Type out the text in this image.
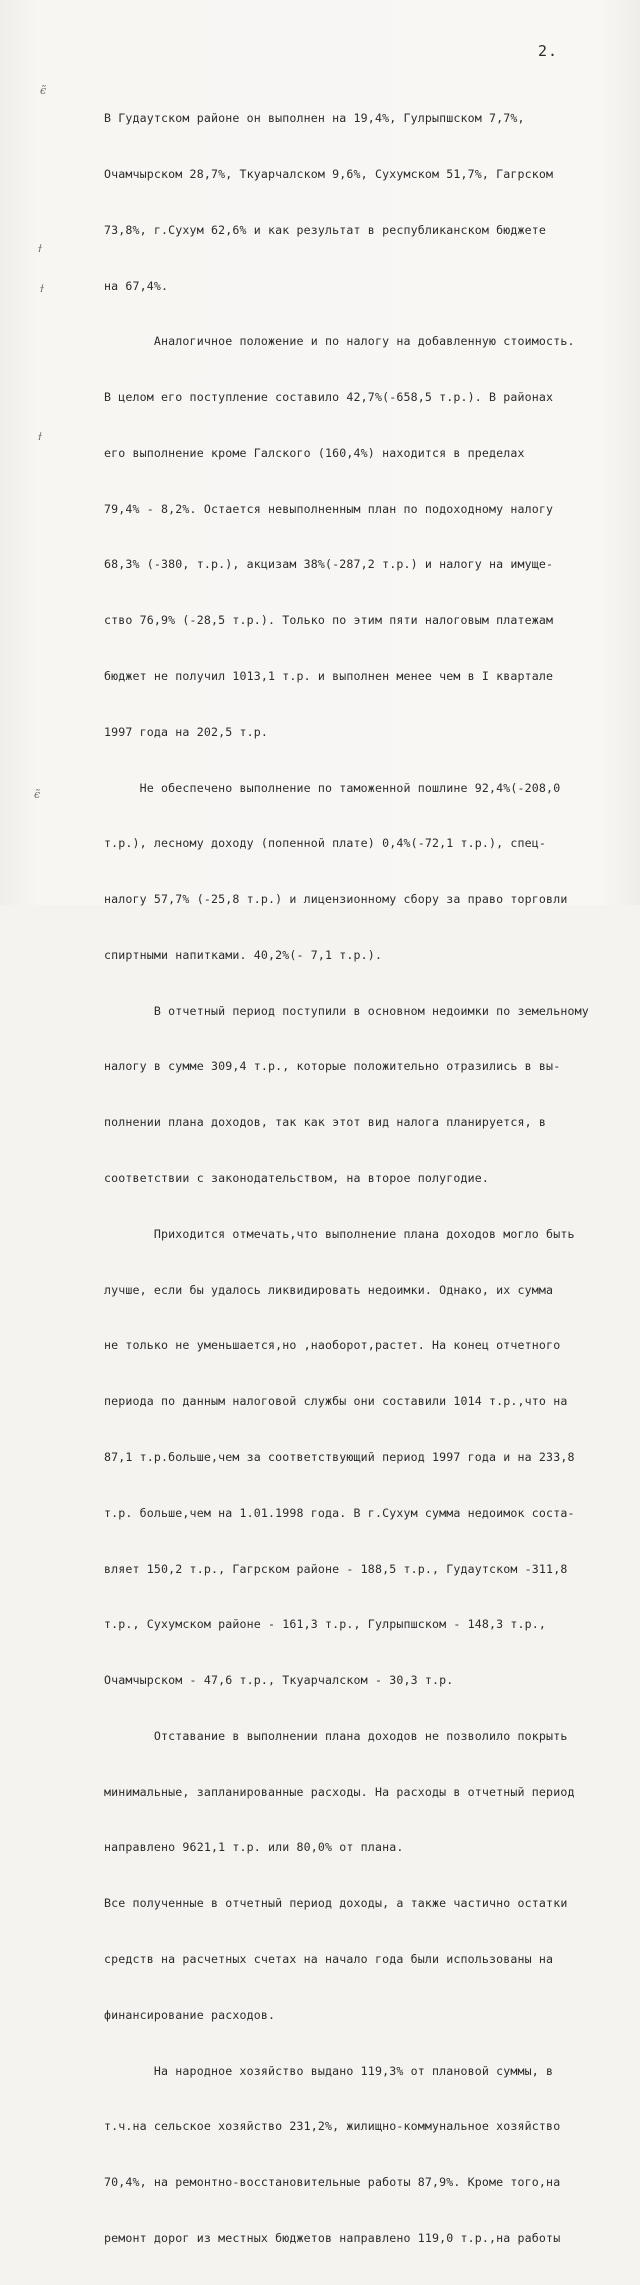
2.
ϵ̃
ϯ
ϯ
ϯ
ϵ̃

В Гудаутском районе он выполнен на 19,4%, Гулрыпшском 7,7%,

Очамчырском 28,7%, Ткуарчалском 9,6%, Сухумском 51,7%, Гагрском

73,8%, г.Сухум 62,6% и как результат в республиканском бюджете

на 67,4%.

Аналогичное положение и по налогу на добавленную стоимость.

В целом его поступление составило 42,7%(-658,5 т.р.). В районах

его выполнение кроме Галского (160,4%) находится в пределах

79,4% - 8,2%. Остается невыполненным план по подоходному налогу

68,3% (-380, т.р.), акцизам 38%(-287,2 т.р.) и налогу на имуще-

ство 76,9% (-28,5 т.р.). Только по этим пяти налоговым платежам

бюджет не получил 1013,1 т.р. и выполнен менее чем в I квартале

1997 года на 202,5 т.р.

Не обеспечено выполнение по таможенной пошлине 92,4%(-208,0

т.р.), лесному доходу (попенной плате) 0,4%(-72,1 т.р.), спец-

налогу 57,7% (-25,8 т.р.) и лицензионному сбору за право торговли

спиртными напитками. 40,2%(- 7,1 т.р.).

В отчетный период поступили в основном недоимки по земельному

налогу в сумме 309,4 т.р., которые положительно отразились в вы-

полнении плана доходов, так как этот вид налога планируется, в

соответствии с законодательством, на второе полугодие.

Приходится отмечать,что выполнение плана доходов могло быть

лучше, если бы удалось ликвидировать недоимки. Однако, их сумма

не только не уменьшается,но ,наоборот,растет. На конец отчетного

периода по данным налоговой службы они составили 1014 т.р.,что на

87,1 т.р.больше,чем за соответствующий период 1997 года и на 233,8

т.р. больше,чем на 1.01.1998 года. В г.Сухум сумма недоимок состa-

вляет 150,2 т.р., Гагрском районе - 188,5 т.р., Гудаутском -311,8

т.р., Сухумском районе - 161,3 т.р., Гулрыпшском - 148,3 т.р.,

Очамчырском - 47,6 т.р., Ткуарчалском - 30,3 т.р.

Отставание в выполнении плана доходов не позволило покрыть

минимальные, запланированные расходы. На расходы в отчетный период

направлено 9621,1 т.р. или 80,0% от плана.

Все полученные в отчетный период доходы, а также частично остатки

средств на расчетных счетах на начало года были использованы на

финансирование расходов.

На народное хозяйство выдано 119,3% от плановой суммы, в

т.ч.на сельское хозяйство 231,2%, жилищно-коммунальное хозяйство

70,4%, на ремонтно-восстановительные работы 87,9%. Кроме того,на

ремонт дорог из местных бюджетов направлено 119,0 т.р.,на работы
